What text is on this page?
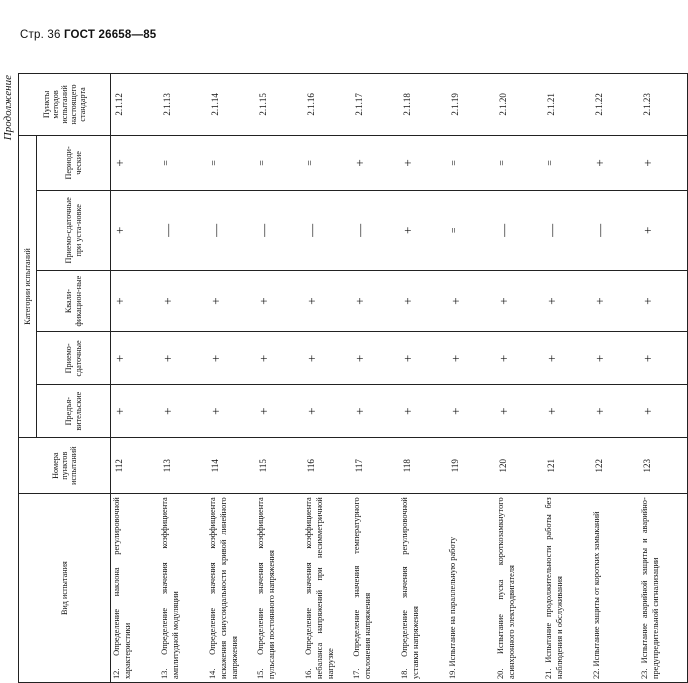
Стр. 36 ГОСТ 26658—85
Продолжение
Вид испытания	Номера пунктов испытаний	Категории испытаний					Пункты методов испытаний настоящего стандарта
		Предъя-вительские	Приемо-сдаточные	Квали-фикацион-ные	Приемо-сдаточные при уста-новке	Периоди-ческие	
12. Определение наклона регулировочной характеристики	112	+	+	+	+	+	2.1.12
13. Определение значения коэффициента амплитудной модуляции	113	+	+	+	—	=	2.1.13
14. Определение значения коэффициента искажения синусоидальности кривой линейного напряжения	114	+	+	+	—	=	2.1.14
15. Определение значения коэффициента пульсации постоянного напряжения	115	+	+	+	—	=	2.1.15
16. Определение значения коэффициента небаланса напряжений при несимметричной нагрузке	116	+	+	+	—	=	2.1.16
17. Определение значения температурного отклонения напряжения	117	+	+	+	—	+	2.1.17
18. Определение значения регулировочной уставки напряжения	118	+	+	+	+	+	2.1.18
19. Испытание на параллельную работу	119	+	+	+	=	=	2.1.19
20. Испытание пуска короткозамкнутого асинхронного электродвигателя	120	+	+	+	—	=	2.1.20
21. Испытание продолжительности работы без наблюдения и обслуживания	121	+	+	+	—	=	2.1.21
22. Испытание защиты от коротких замыканий	122	+	+	+	—	+	2.1.22
23. Испытание аварийной защиты и аварийно-предупредительной сигнализации	123	+	+	+	+	+	2.1.23
